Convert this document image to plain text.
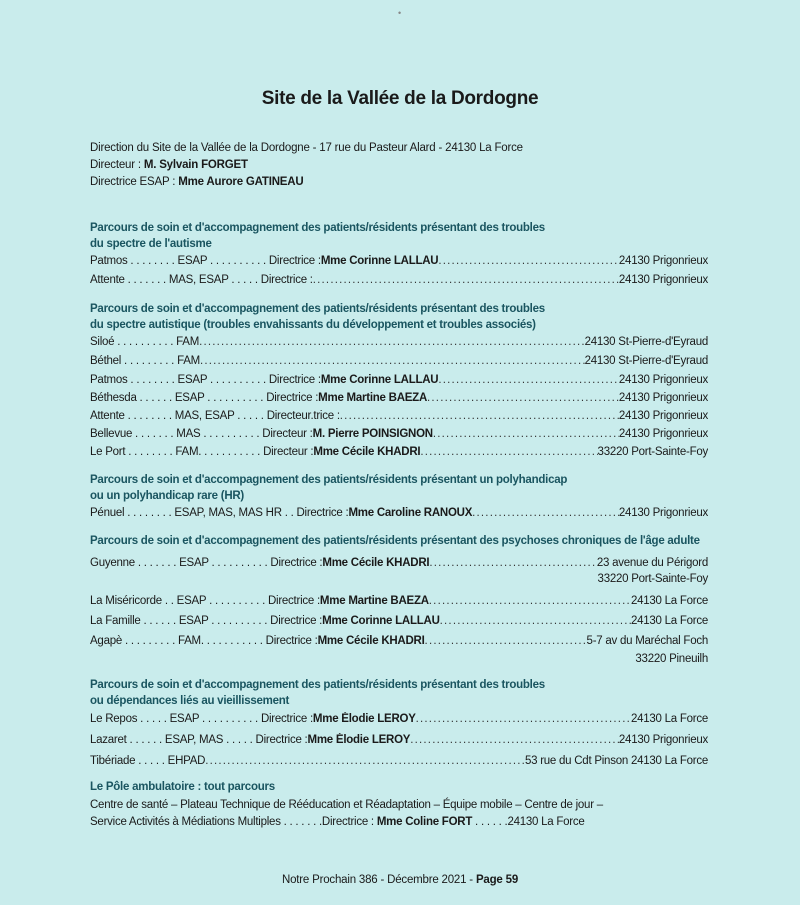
•
Site de la Vallée de la Dordogne
Direction du Site de la Vallée de la Dordogne - 17 rue du Pasteur Alard - 24130 La Force
Directeur : M. Sylvain FORGET
Directrice ESAP : Mme Aurore GATINEAU
Parcours de soin et d'accompagnement des patients/résidents présentant des troubles
du spectre de l'autisme
Patmos . . . . . . . . ESAP . . . . . . . . . . Directrice : Mme Corinne LALLAU .....	24130 Prigonrieux
Attente . . . . . . . MAS, ESAP . . . . . Directrice : .....	24130 Prigonrieux
Parcours de soin et d'accompagnement des patients/résidents présentant des troubles
du spectre autistique (troubles envahissants du développement et troubles associés)
Siloé . . . . . . . . . . FAM .....	24130 St-Pierre-d'Eyraud
Béthel . . . . . . . . . FAM .....	24130 St-Pierre-d'Eyraud
Patmos . . . . . . . . ESAP . . . . . . . . . . Directrice : Mme Corinne LALLAU .....	24130 Prigonrieux
Béthesda . . . . . . ESAP . . . . . . . . . . Directrice : Mme Martine BAEZA .....	24130 Prigonrieux
Attente . . . . . . . . MAS, ESAP . . . . . Directeur.trice : .....	24130 Prigonrieux
Bellevue . . . . . . . MAS . . . . . . . . . . Directeur : M. Pierre POINSIGNON .....	24130 Prigonrieux
Le Port . . . . . . . . FAM. . . . . . . . . . . Directeur : Mme Cécile KHADRI .....	33220 Port-Sainte-Foy
Parcours de soin et d'accompagnement des patients/résidents présentant un polyhandicap
ou un polyhandicap rare (HR)
Pénuel . . . . . . . . ESAP, MAS, MAS HR . . Directrice : Mme Caroline RANOUX .....	24130 Prigonrieux
Parcours de soin et d'accompagnement des patients/résidents présentant des psychoses chroniques de l'âge adulte
Guyenne . . . . . . . ESAP . . . . . . . . . . Directrice : Mme Cécile KHADRI .....	23 avenue du Périgord
33220 Port-Sainte-Foy
La Miséricorde . . ESAP . . . . . . . . . . Directrice : Mme Martine BAEZA .....	24130 La Force
La Famille . . . . . . ESAP . . . . . . . . . . Directrice : Mme Corinne LALLAU .....	24130 La Force
Agapè . . . . . . . . . FAM. . . . . . . . . . . Directrice : Mme Cécile KHADRI .....	5-7 av du Maréchal Foch
33220 Pineuilh
Parcours de soin et d'accompagnement des patients/résidents présentant des troubles
ou dépendances liés au vieillissement
Le Repos . . . . . ESAP . . . . . . . . . . Directrice : Mme Élodie LEROY .....	24130 La Force
Lazaret . . . . . . ESAP, MAS . . . . . Directrice : Mme Élodie LEROY .....	24130 Prigonrieux
Tibériade . . . . . EHPAD .....	53 rue du Cdt Pinson 24130 La Force
Le Pôle ambulatoire : tout parcours
Centre de santé – Plateau Technique de Rééducation et Réadaptation – Équipe mobile – Centre de jour –
Service Activités à Médiations Multiples . . . . . . .Directrice : Mme Coline FORT . . . . . .24130 La Force
Notre Prochain 386 - Décembre 2021 - Page 59
